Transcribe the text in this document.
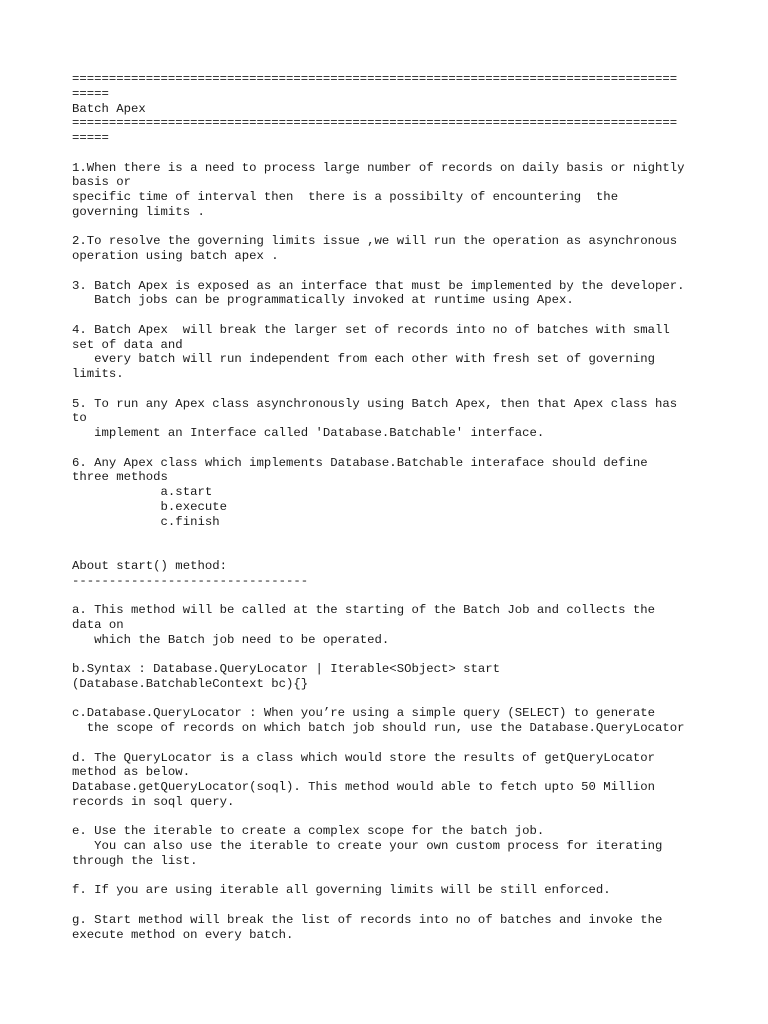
==================================================================================
=====
Batch Apex
==================================================================================
=====
1.When there is a need to process large number of records on daily basis or nightly
basis or
specific time of interval then  there is a possibilty of encountering  the
governing limits .
2.To resolve the governing limits issue ,we will run the operation as asynchronous
operation using batch apex .
3. Batch Apex is exposed as an interface that must be implemented by the developer.
Batch jobs can be programmatically invoked at runtime using Apex.
4. Batch Apex  will break the larger set of records into no of batches with small
set of data and
every batch will run independent from each other with fresh set of governing
limits.
5. To run any Apex class asynchronously using Batch Apex, then that Apex class has
to
implement an Interface called 'Database.Batchable' interface.
6. Any Apex class which implements Database.Batchable interaface should define
three methods
a.start
b.execute
c.finish
About start() method:
--------------------------------
a. This method will be called at the starting of the Batch Job and collects the
data on
which the Batch job need to be operated.
b.Syntax : Database.QueryLocator | Iterable<SObject> start
(Database.BatchableContext bc){}
c.Database.QueryLocator : When you’re using a simple query (SELECT) to generate
the scope of records on which batch job should run, use the Database.QueryLocator
d. The QueryLocator is a class which would store the results of getQueryLocator
method as below.
Database.getQueryLocator(soql). This method would able to fetch upto 50 Million
records in soql query.
e. Use the iterable to create a complex scope for the batch job.
You can also use the iterable to create your own custom process for iterating
through the list.
f. If you are using iterable all governing limits will be still enforced.
g. Start method will break the list of records into no of batches and invoke the
execute method on every batch.
